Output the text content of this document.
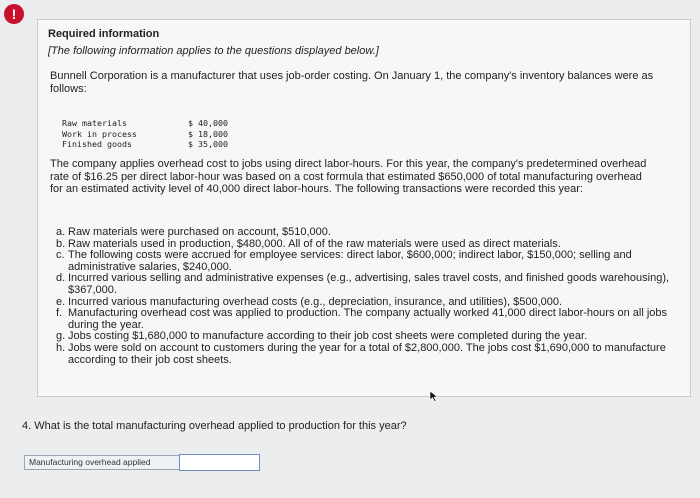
!
Required information
[The following information applies to the questions displayed below.]
Bunnell Corporation is a manufacturer that uses job-order costing. On January 1, the company's inventory balances were as follows:
Raw materials	$ 40,000
Work in process	$ 18,000
Finished goods	$ 35,000
The company applies overhead cost to jobs using direct labor-hours. For this year, the company's predetermined overhead rate of $16.25 per direct labor-hour was based on a cost formula that estimated $650,000 of total manufacturing overhead for an estimated activity level of 40,000 direct labor-hours. The following transactions were recorded this year:
a. Raw materials were purchased on account, $510,000.
b. Raw materials used in production, $480,000. All of of the raw materials were used as direct materials.
c. The following costs were accrued for employee services: direct labor, $600,000; indirect labor, $150,000; selling and administrative salaries, $240,000.
d. Incurred various selling and administrative expenses (e.g., advertising, sales travel costs, and finished goods warehousing), $367,000.
e. Incurred various manufacturing overhead costs (e.g., depreciation, insurance, and utilities), $500,000.
f. Manufacturing overhead cost was applied to production. The company actually worked 41,000 direct labor-hours on all jobs during the year.
g. Jobs costing $1,680,000 to manufacture according to their job cost sheets were completed during the year.
h. Jobs were sold on account to customers during the year for a total of $2,800,000. The jobs cost $1,690,000 to manufacture according to their job cost sheets.
4. What is the total manufacturing overhead applied to production for this year?
Manufacturing overhead applied
